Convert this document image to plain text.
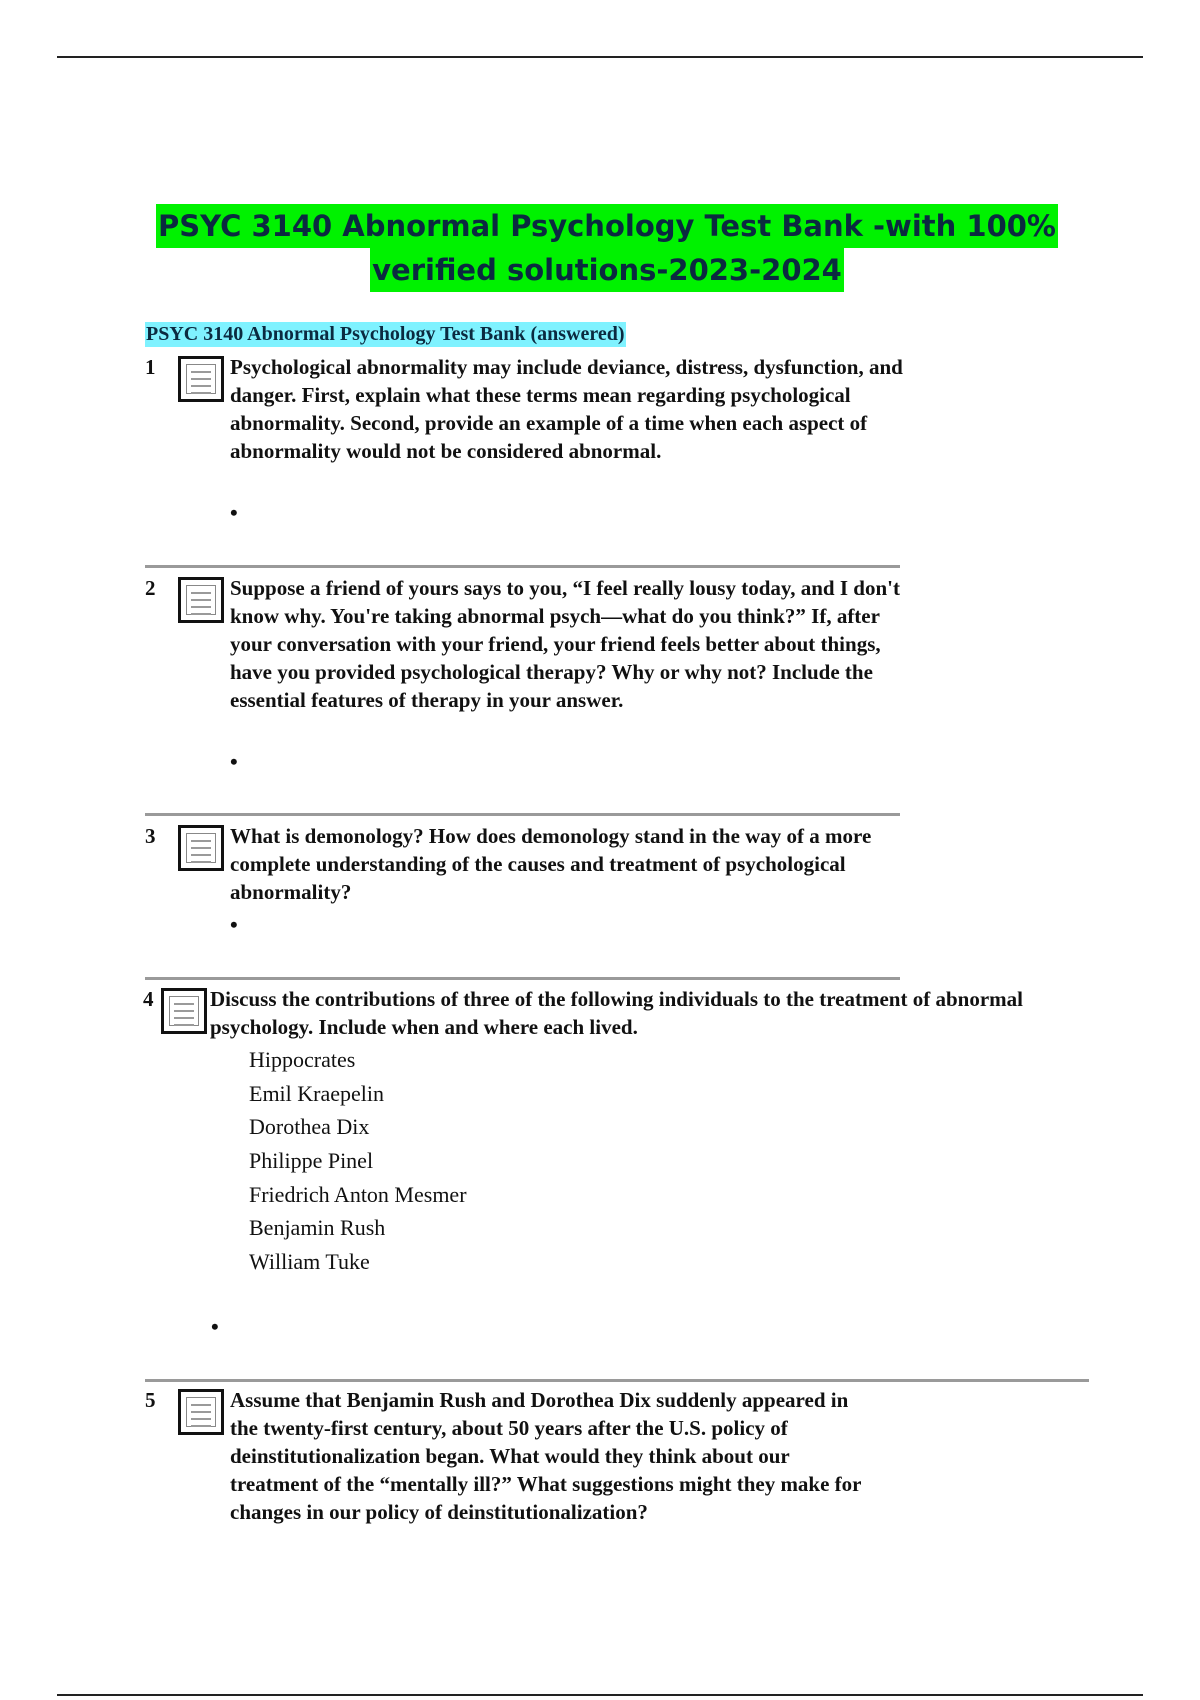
PSYC 3140 Abnormal Psychology Test Bank -with 100%
verified solutions-2023-2024
PSYC 3140 Abnormal Psychology Test Bank (answered)
1	Psychological abnormality may include deviance, distress, dysfunction, and danger. First, explain what these terms mean regarding psychological abnormality. Second, provide an example of a time when each aspect of abnormality would not be considered abnormal.
•
2	Suppose a friend of yours says to you, “I feel really lousy today, and I don't know why. You're taking abnormal psych—what do you think?” If, after your conversation with your friend, your friend feels better about things, have you provided psychological therapy? Why or why not? Include the essential features of therapy in your answer.
•
3	What is demonology? How does demonology stand in the way of a more complete understanding of the causes and treatment of psychological abnormality?
•
4	Discuss the contributions of three of the following individuals to the treatment of abnormal psychology. Include when and where each lived.
Hippocrates
Emil Kraepelin
Dorothea Dix
Philippe Pinel
Friedrich Anton Mesmer
Benjamin Rush
William Tuke
•
5	Assume that Benjamin Rush and Dorothea Dix suddenly appeared in the twenty-first century, about 50 years after the U.S. policy of deinstitutionalization began. What would they think about our treatment of the “mentally ill?” What suggestions might they make for changes in our policy of deinstitutionalization?
